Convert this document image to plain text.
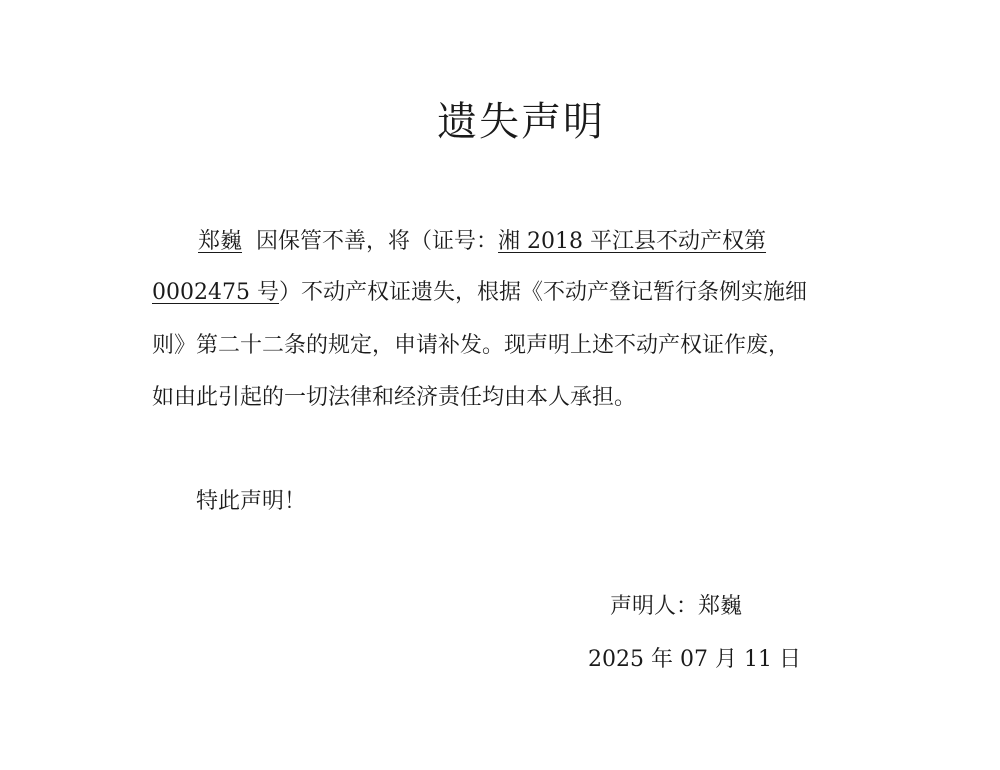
遗失声明
郑巍 因保管不善，将（证号：湘 2018 平江县不动产权第
0002475 号）不动产权证遗失，根据《不动产登记暂行条例实施细
则》第二十二条的规定，申请补发。现声明上述不动产权证作废，
如由此引起的一切法律和经济责任均由本人承担。
特此声明！
声明人：郑巍
2025 年 07 月 11 日
